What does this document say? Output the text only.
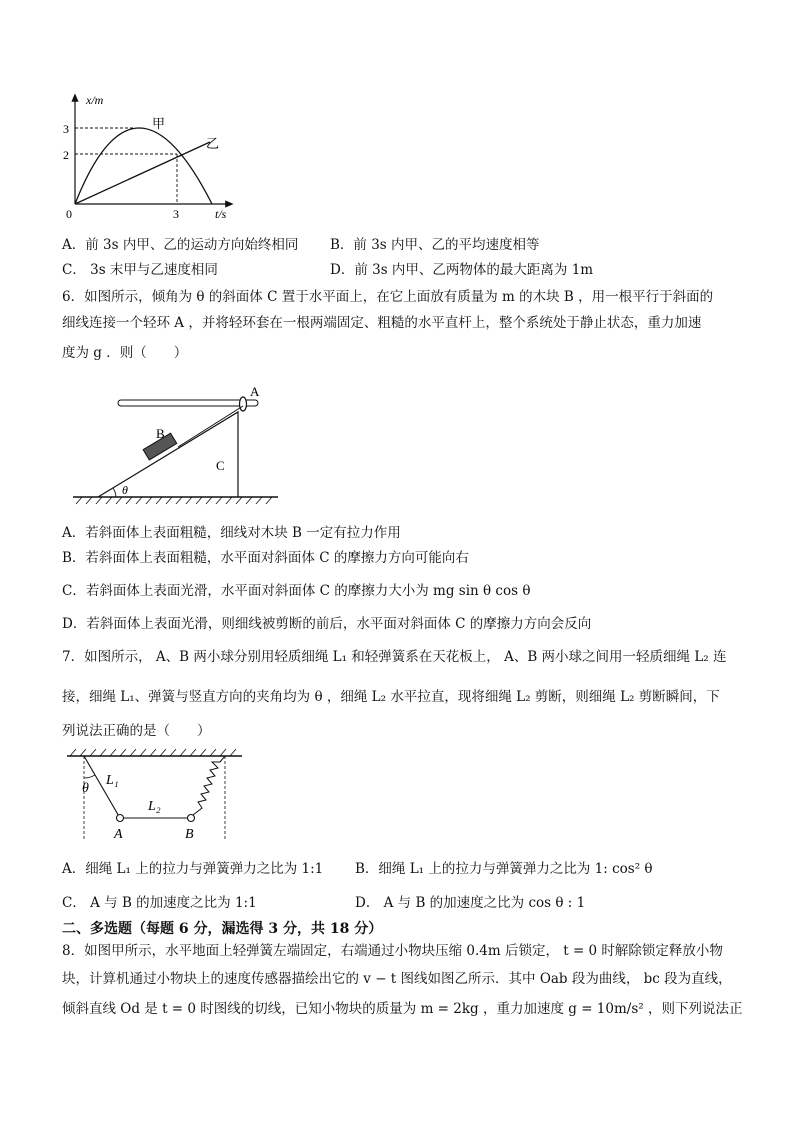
x/m
t/s
3
2
0	3
甲
乙
A．前 3s 内甲、乙的运动方向始终相同 B．前 3s 内甲、乙的平均速度相等
C． 3s 末甲与乙速度相同	D．前 3s 内甲、乙两物体的最大距离为 1m
6．如图所示，倾角为 θ 的斜面体 C 置于水平面上，在它上面放有质量为 m 的木块 B ，用一根平行于斜面的
细线连接一个轻环 A ，并将轻环套在一根两端固定、粗糙的水平直杆上，整个系统处于静止状态，重力加速
度为 g ．则（　　）
A
B
C
θ
A．若斜面体上表面粗糙，细线对木块 B 一定有拉力作用
B．若斜面体上表面粗糙，水平面对斜面体 C 的摩擦力方向可能向右
C．若斜面体上表面光滑，水平面对斜面体 C 的摩擦力大小为 mg sin θ cos θ
D．若斜面体上表面光滑，则细线被剪断的前后，水平面对斜面体 C 的摩擦力方向会反向
7．如图所示， A、B 两小球分别用轻质细绳 L₁ 和轻弹簧系在天花板上， A、B 两小球之间用一轻质细绳 L₂ 连
接，细绳 L₁、弹簧与竖直方向的夹角均为 θ ，细绳 L₂ 水平拉直，现将细绳 L₂ 剪断，则细绳 L₂ 剪断瞬间，下
列说法正确的是（　　）
θ
L₁
L₂
A	B
A．细绳 L₁ 上的拉力与弹簧弹力之比为 1:1 B．细绳 L₁ 上的拉力与弹簧弹力之比为 1: cos² θ
C． A 与 B 的加速度之比为 1:1	D． A 与 B 的加速度之比为 cos θ : 1
二、多选题（每题 6 分，漏选得 3 分，共 18 分）
8．如图甲所示，水平地面上轻弹簧左端固定，右端通过小物块压缩 0.4m 后锁定， t = 0 时解除锁定释放小物
块，计算机通过小物块上的速度传感器描绘出它的 v − t 图线如图乙所示．其中 Oab 段为曲线， bc 段为直线，
倾斜直线 Od 是 t = 0 时图线的切线，已知小物块的质量为 m = 2kg ，重力加速度 g = 10m/s² ，则下列说法正
